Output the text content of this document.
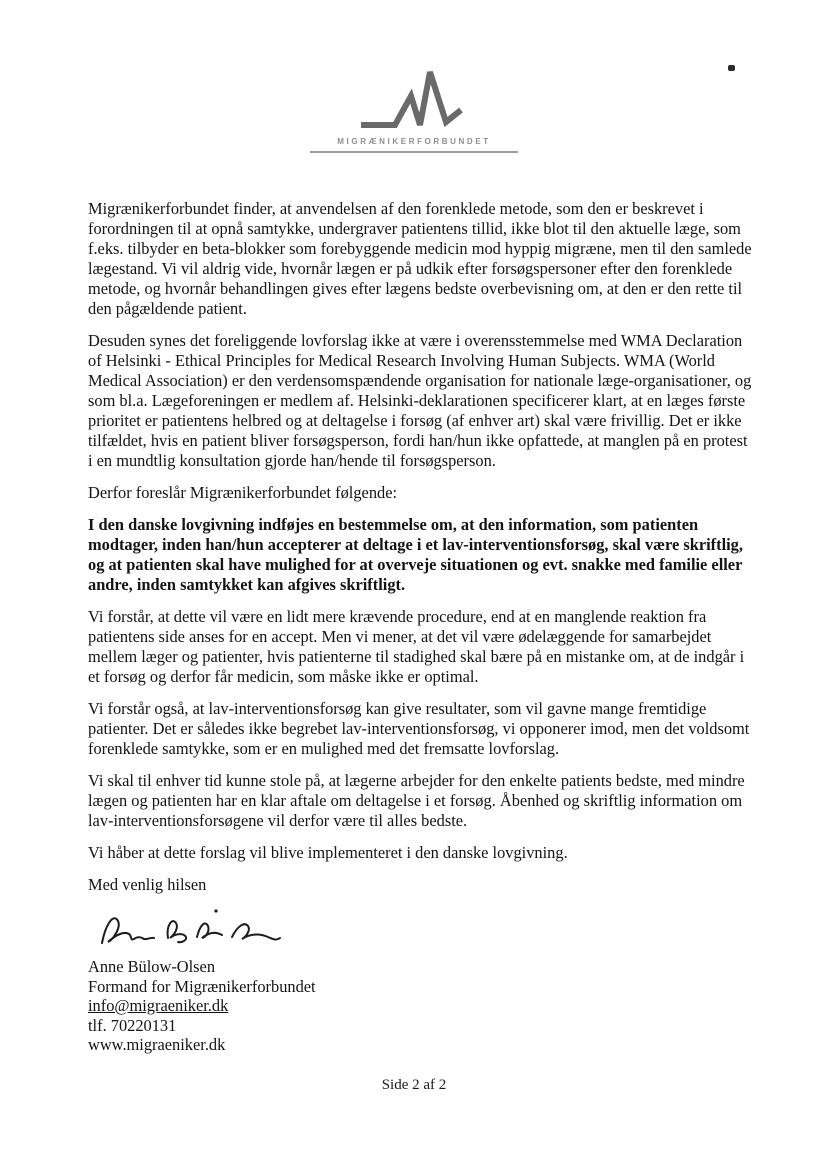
MIGRÆNIKERFORBUNDET

Migrænikerforbundet finder, at anvendelsen af den forenklede metode, som den er beskrevet i forordningen til at opnå samtykke, undergraver patientens tillid, ikke blot til den aktuelle læge, som f.eks. tilbyder en beta-blokker som forebyggende medicin mod hyppig migræne, men til den samlede lægestand. Vi vil aldrig vide, hvornår lægen er på udkik efter forsøgspersoner efter den forenklede metode, og hvornår behandlingen gives efter lægens bedste overbevisning om, at den er den rette til den pågældende patient.

Desuden synes det foreliggende lovforslag ikke at være i overensstemmelse med WMA Declaration of Helsinki - Ethical Principles for Medical Research Involving Human Subjects. WMA (World Medical Association) er den verdensomspændende organisation for nationale læge-organisationer, og som bl.a. Lægeforeningen er medlem af. Helsinki-deklarationen specificerer klart, at en læges første prioritet er patientens helbred og at deltagelse i forsøg (af enhver art) skal være frivillig. Det er ikke tilfældet, hvis en patient bliver forsøgsperson, fordi han/hun ikke opfattede, at manglen på en protest i en mundtlig konsultation gjorde han/hende til forsøgsperson.

Derfor foreslår Migrænikerforbundet følgende:

I den danske lovgivning indføjes en bestemmelse om, at den information, som patienten modtager, inden han/hun accepterer at deltage i et lav-interventionsforsøg, skal være skriftlig, og at patienten skal have mulighed for at overveje situationen og evt. snakke med familie eller andre, inden samtykket kan afgives skriftligt.

Vi forstår, at dette vil være en lidt mere krævende procedure, end at en manglende reaktion fra patientens side anses for en accept. Men vi mener, at det vil være ødelæggende for samarbejdet mellem læger og patienter, hvis patienterne til stadighed skal bære på en mistanke om, at de indgår i et forsøg og derfor får medicin, som måske ikke er optimal.

Vi forstår også, at lav-interventionsforsøg kan give resultater, som vil gavne mange fremtidige patienter. Det er således ikke begrebet lav-interventionsforsøg, vi opponerer imod, men det voldsomt forenklede samtykke, som er en mulighed med det fremsatte lovforslag.

Vi skal til enhver tid kunne stole på, at lægerne arbejder for den enkelte patients bedste, med mindre lægen og patienten har en klar aftale om deltagelse i et forsøg. Åbenhed og skriftlig information om lav-interventionsforsøgene vil derfor være til alles bedste.

Vi håber at dette forslag vil blive implementeret i den danske lovgivning.

Med venlig hilsen

Anne Bülow-Olsen

Formand for Migrænikerforbundet

info@migraeniker.dk

tlf. 70220131

www.migraeniker.dk

Side 2 af 2
